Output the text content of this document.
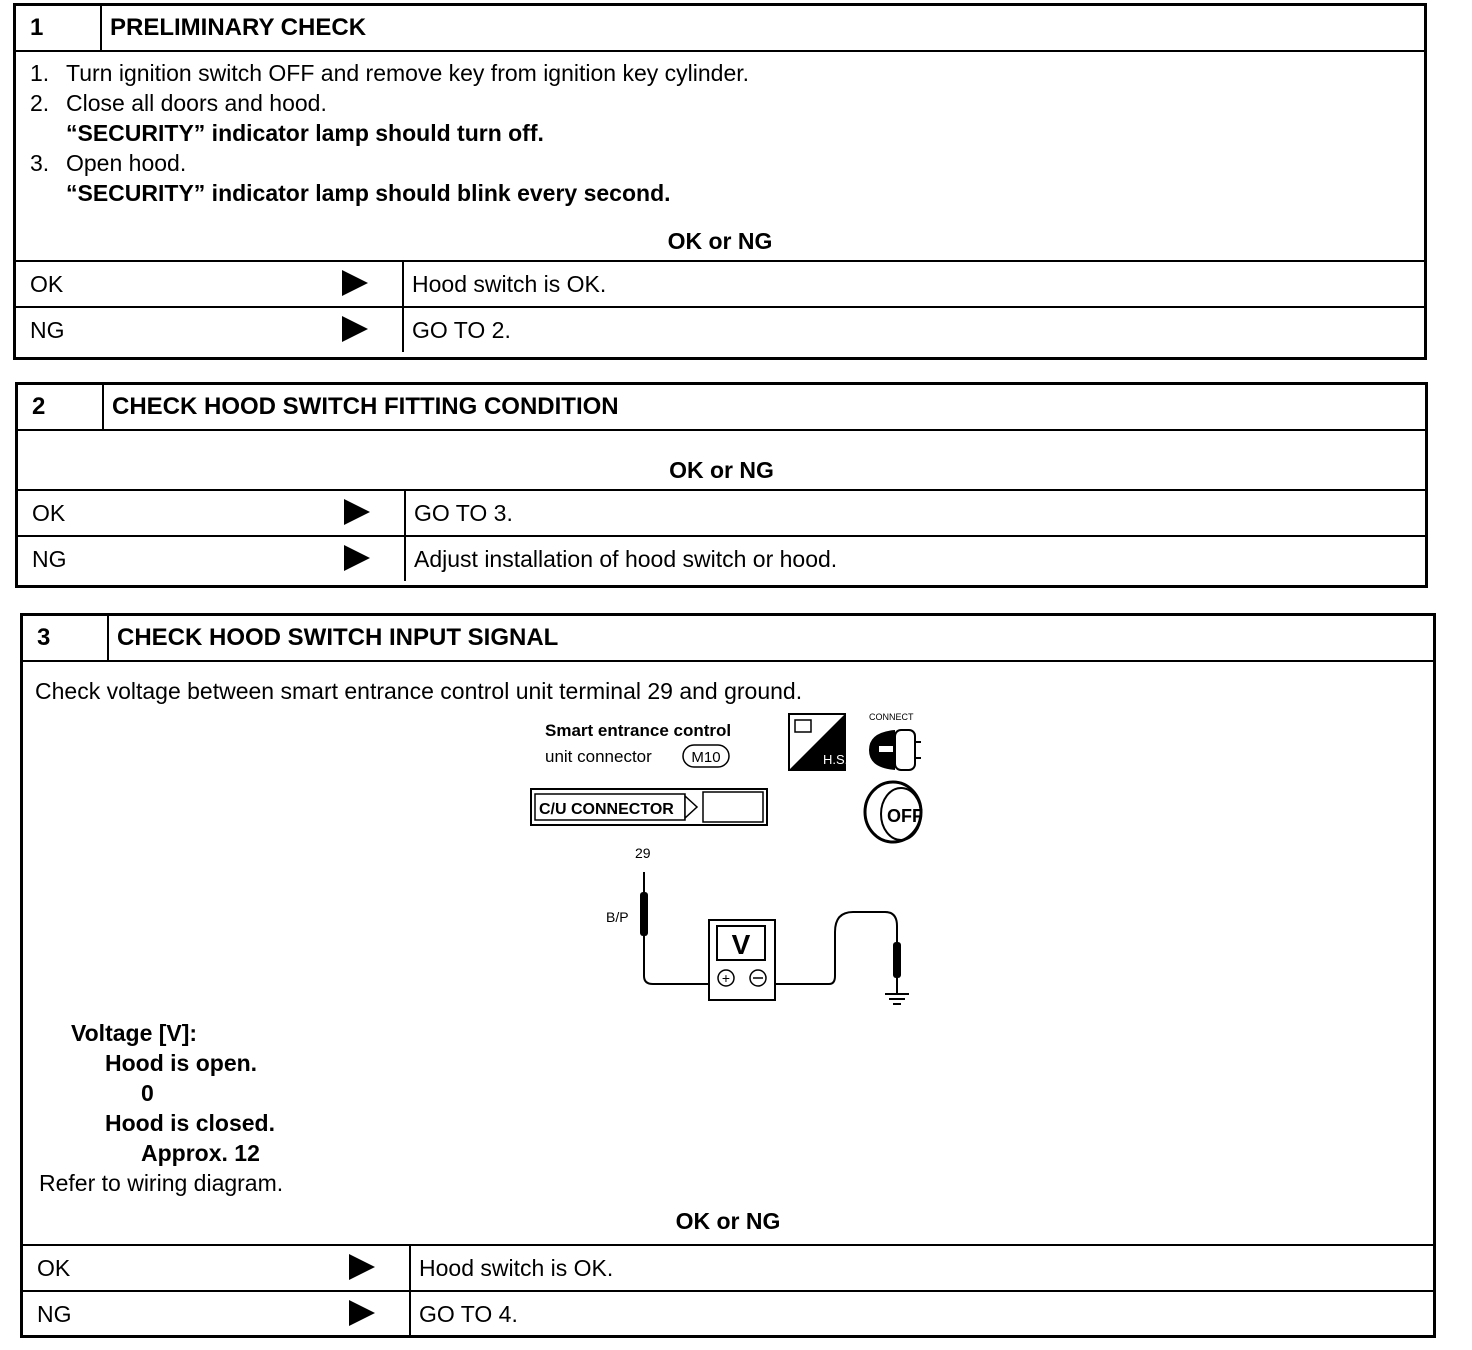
1	PRELIMINARY CHECK
1. Turn ignition switch OFF and remove key from ignition key cylinder.
2. Close all doors and hood.
“SECURITY” indicator lamp should turn off.
3. Open hood.
“SECURITY” indicator lamp should blink every second.
OK or NG
OK	Hood switch is OK.
NG	GO TO 2.
2	CHECK HOOD SWITCH FITTING CONDITION
OK or NG
OK	GO TO 3.
NG	Adjust installation of hood switch or hood.
3	CHECK HOOD SWITCH INPUT SIGNAL
Check voltage between smart entrance control unit terminal 29 and ground.
Smart entrance control
unit connector	M10	H.S.
CONNECT
C/U CONNECTOR	OFF
29
B/P
V
+
Voltage [V]:
Hood is open.
0
Hood is closed.
Approx. 12
Refer to wiring diagram.
OK or NG
OK	Hood switch is OK.
NG	GO TO 4.
